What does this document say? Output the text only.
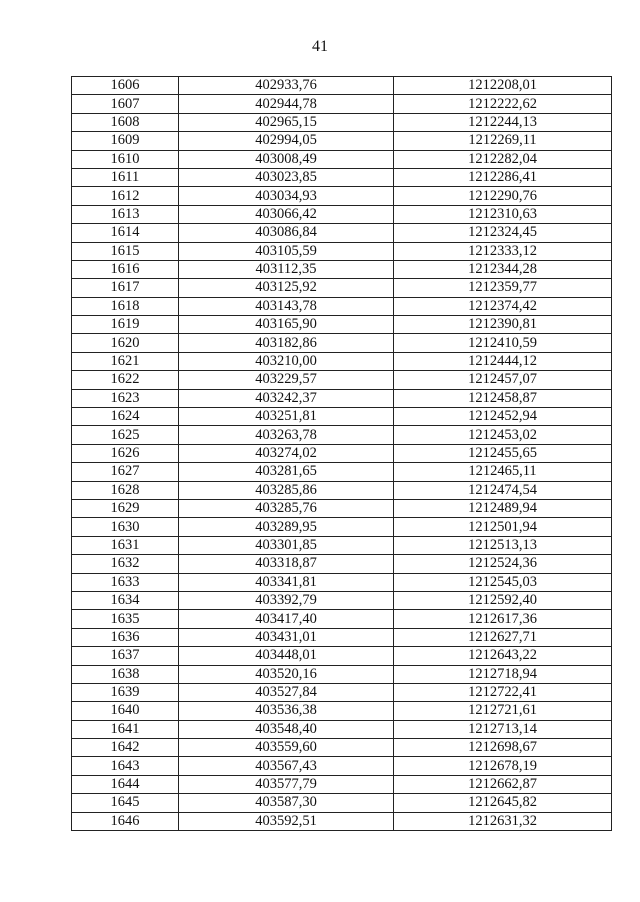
41
1606	402933,76	1212208,01
1607	402944,78	1212222,62
1608	402965,15	1212244,13
1609	402994,05	1212269,11
1610	403008,49	1212282,04
1611	403023,85	1212286,41
1612	403034,93	1212290,76
1613	403066,42	1212310,63
1614	403086,84	1212324,45
1615	403105,59	1212333,12
1616	403112,35	1212344,28
1617	403125,92	1212359,77
1618	403143,78	1212374,42
1619	403165,90	1212390,81
1620	403182,86	1212410,59
1621	403210,00	1212444,12
1622	403229,57	1212457,07
1623	403242,37	1212458,87
1624	403251,81	1212452,94
1625	403263,78	1212453,02
1626	403274,02	1212455,65
1627	403281,65	1212465,11
1628	403285,86	1212474,54
1629	403285,76	1212489,94
1630	403289,95	1212501,94
1631	403301,85	1212513,13
1632	403318,87	1212524,36
1633	403341,81	1212545,03
1634	403392,79	1212592,40
1635	403417,40	1212617,36
1636	403431,01	1212627,71
1637	403448,01	1212643,22
1638	403520,16	1212718,94
1639	403527,84	1212722,41
1640	403536,38	1212721,61
1641	403548,40	1212713,14
1642	403559,60	1212698,67
1643	403567,43	1212678,19
1644	403577,79	1212662,87
1645	403587,30	1212645,82
1646	403592,51	1212631,32
